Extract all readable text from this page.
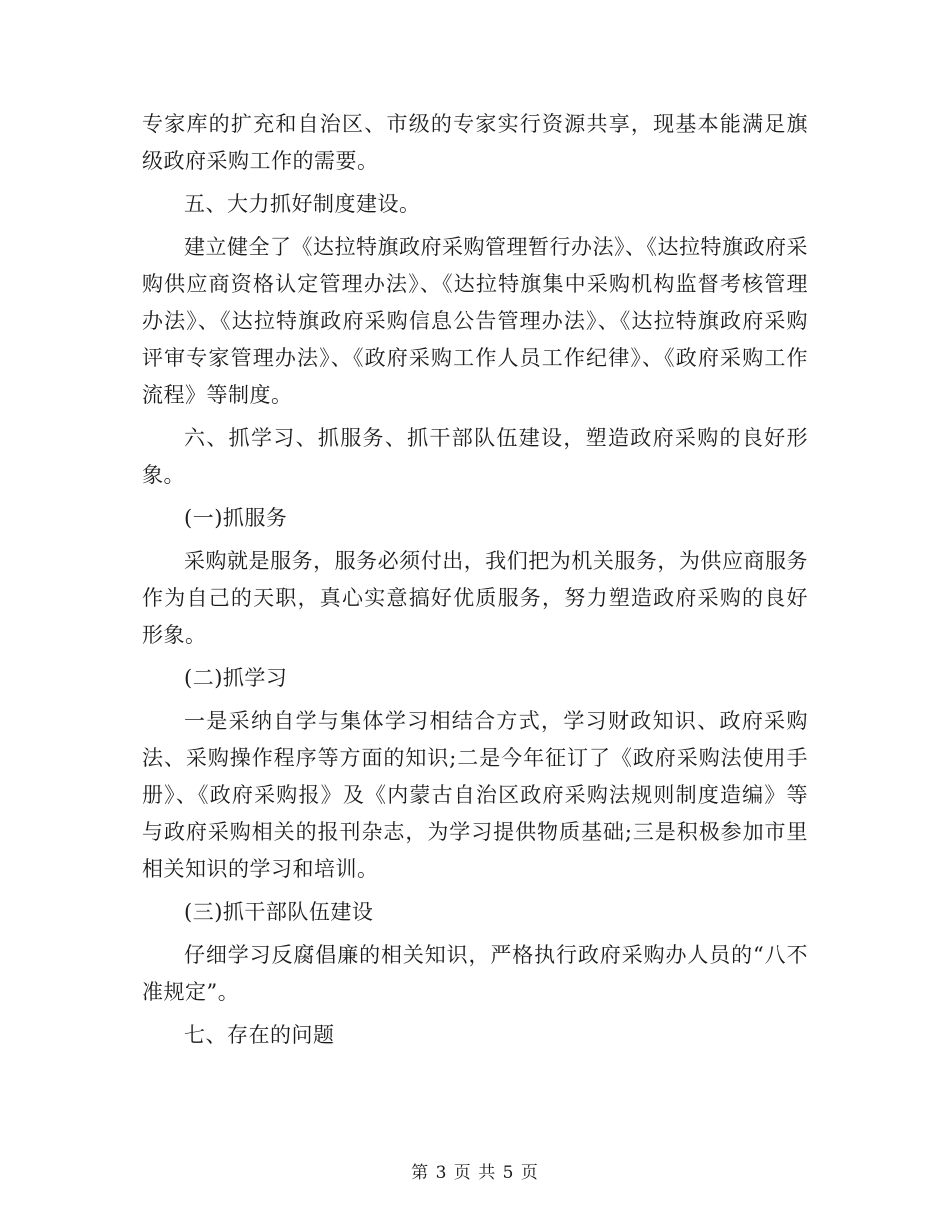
专家库的扩充和自治区、市级的专家实行资源共享，现基本能满足旗级政府采购工作的需要。

五、大力抓好制度建设。

建立健全了《达拉特旗政府采购管理暂行办法》、《达拉特旗政府采购供应商资格认定管理办法》、《达拉特旗集中采购机构监督考核管理办法》、《达拉特旗政府采购信息公告管理办法》、《达拉特旗政府采购评审专家管理办法》、《政府采购工作人员工作纪律》、《政府采购工作流程》等制度。

六、抓学习、抓服务、抓干部队伍建设，塑造政府采购的良好形象。

(一)抓服务

采购就是服务，服务必须付出，我们把为机关服务，为供应商服务作为自己的天职，真心实意搞好优质服务，努力塑造政府采购的良好形象。

(二)抓学习

一是采纳自学与集体学习相结合方式，学习财政知识、政府采购法、采购操作程序等方面的知识;二是今年征订了《政府采购法使用手册》、《政府采购报》及《内蒙古自治区政府采购法规则制度造编》等与政府采购相关的报刊杂志，为学习提供物质基础;三是积极参加市里相关知识的学习和培训。

(三)抓干部队伍建设

仔细学习反腐倡廉的相关知识，严格执行政府采购办人员的“八不准规定”。

七、存在的问题

第 3 页 共 5 页
